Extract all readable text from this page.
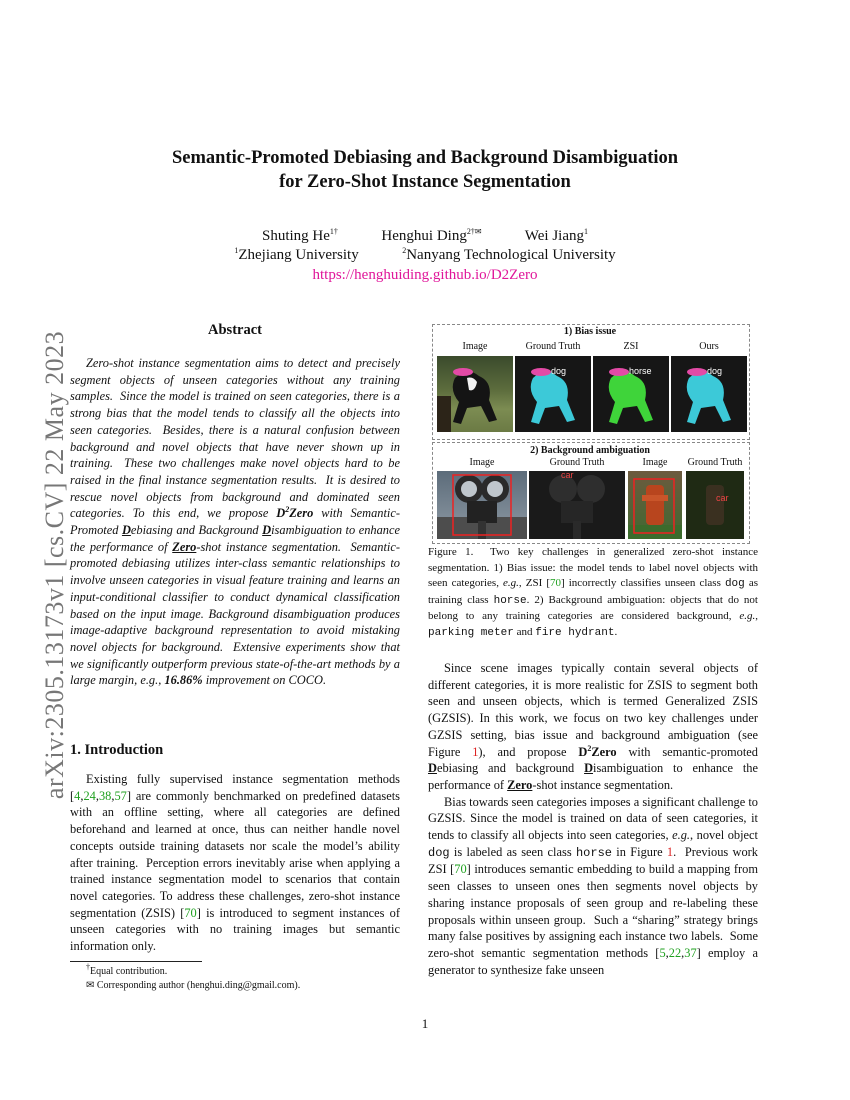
arXiv:2305.13173v1 [cs.CV] 22 May 2023
Semantic-Promoted Debiasing and Background Disambiguation
for Zero-Shot Instance Segmentation
Shuting $He^{1\dagger}$	Henghui Ding$^{2\dagger✉}$	Wei Jiang$^1$
$^1$Zhejiang University	$^2$Nanyang Technological University
https://henghuiding.github.io/D2Zero
Abstract
Zero-shot instance segmentation aims to detect and precisely segment objects of unseen categories without any training samples.  Since the model is trained on seen categories, there is a strong bias that the model tends to classify all the objects into seen categories.  Besides, there is a natural confusion between background and novel objects that have never shown up in training.  These two challenges make novel objects hard to be raised in the final instance segmentation results.  It is desired to rescue novel objects from background and dominated seen categories. To this end, we propose $D^2Zero$ with Semantic-Promoted Debiasing and Background Disambiguation to enhance the performance of Zero-shot instance segmentation.  Semantic-promoted debiasing utilizes inter-class semantic relationships to involve unseen categories in visual feature training and learns an input-conditional classifier to conduct dynamical classification based on the input image. Background disambiguation produces image-adaptive background representation to avoid mistaking novel objects for background.  Extensive experiments show that we significantly outperform previous state-of-the-art methods by a large margin, e.g., 16.86% improvement on COCO.
1. Introduction
Existing fully supervised instance segmentation methods [4,24,38,57] are commonly benchmarked on predefined datasets with an offline setting, where all categories are defined beforehand and learned at once, thus can neither handle novel concepts outside training datasets nor scale the model’s ability after training.  Perception errors inevitably arise when applying a trained instance segmentation model to scenarios that contain novel categories. To address these challenges, zero-shot instance segmentation (ZSIS) [70] is introduced to segment instances of unseen categories with no training images but semantic information only.
†Equal contribution.
✉ Corresponding author (henghui.ding@gmail.com).
1) Bias issue
Image	Ground Truth	ZSI	Ours
dog	horse	dog
2) Background ambiguation
Image	Ground Truth	Image	Ground Truth
car
car
Figure 1.  Two key challenges in generalized zero-shot instance segmentation. 1) Bias issue: the model tends to label novel objects with seen categories, e.g., ZSI [70] incorrectly classifies unseen class dog as training class horse. 2) Background ambiguation: objects that do not belong to any training categories are considered background, e.g., parking meter and fire hydrant.
Since scene images typically contain several objects of different categories, it is more realistic for ZSIS to segment both seen and unseen objects, which is termed Generalized ZSIS (GZSIS). In this work, we focus on two key challenges under GZSIS setting, bias issue and background ambiguation (see Figure 1), and propose $D^2Zero$ with semantic-promoted Debiasing and background Disambiguation to enhance the performance of Zero-shot instance segmentation.
Bias towards seen categories imposes a significant challenge to GZSIS. Since the model is trained on data of seen categories, it tends to classify all objects into seen categories, e.g., novel object dog is labeled as seen class horse in Figure 1.  Previous work ZSI [70] introduces semantic embedding to build a mapping from seen classes to unseen ones then segments novel objects by sharing instance proposals of seen group and re-labeling these proposals within unseen group.  Such a “sharing” strategy brings many false positives by assigning each instance two labels.  Some zero-shot semantic segmentation methods [5,22,37] employ a generator to synthesize fake unseen
1
